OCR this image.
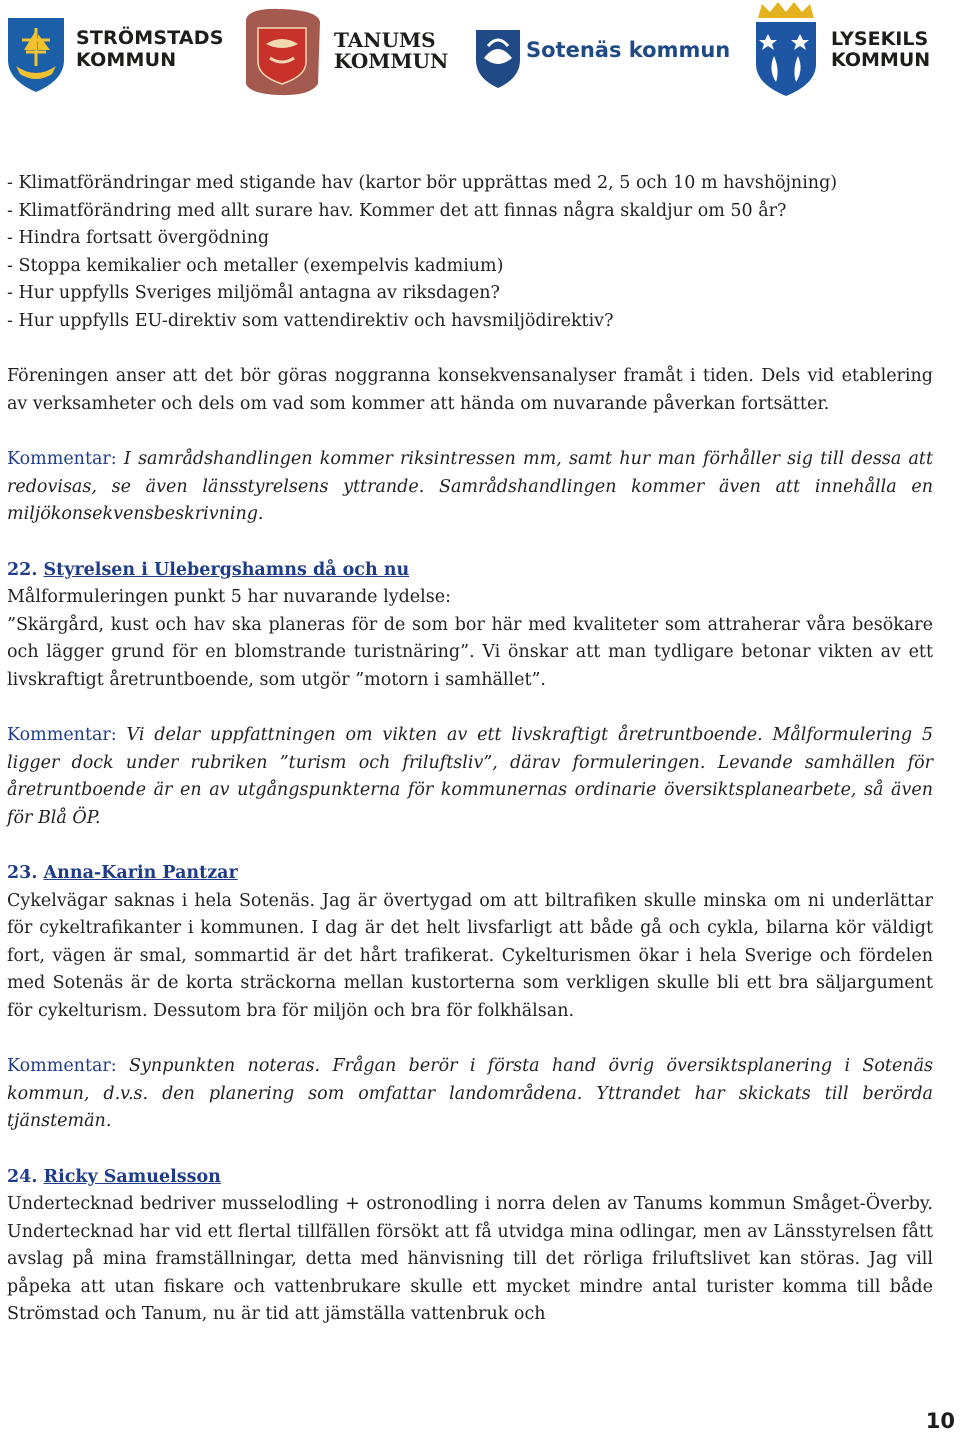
STRÖMSTADS
KOMMUN
TANUMS
KOMMUN	Sotenäs kommun	LYSEKILS
KOMMUN

- Klimatförändringar med stigande hav (kartor bör upprättas med 2, 5 och 10 m havshöjning)

- Klimatförändring med allt surare hav. Kommer det att finnas några skaldjur om 50 år?

- Hindra fortsatt övergödning

- Stoppa kemikalier och metaller (exempelvis kadmium)

- Hur uppfylls Sveriges miljömål antagna av riksdagen?

- Hur uppfylls EU-direktiv som vattendirektiv och havsmiljödirektiv?

Föreningen anser att det bör göras noggranna konsekvensanalyser framåt i tiden. Dels vid etablering av verksamheter och dels om vad som kommer att hända om nuvarande påverkan fortsätter.

Kommentar: I samrådshandlingen kommer riksintressen mm, samt hur man förhåller sig till dessa att redovisas, se även länsstyrelsens yttrande. Samrådshandlingen kommer även att innehålla en miljökonsekvensbeskrivning.

22. Styrelsen i Ulebergshamns då och nu

Målformuleringen punkt 5 har nuvarande lydelse:
”Skärgård, kust och hav ska planeras för de som bor här med kvaliteter som attraherar våra besökare och lägger grund för en blomstrande turistnäring”. Vi önskar att man tydligare betonar vikten av ett livskraftigt åretruntboende, som utgör ”motorn i samhället”.

Kommentar: Vi delar uppfattningen om vikten av ett livskraftigt åretruntboende. Målformulering 5 ligger dock under rubriken ”turism och friluftsliv”, därav formuleringen. Levande samhällen för åretruntboende är en av utgångspunkterna för kommunernas ordinarie översiktsplanearbete, så även för Blå ÖP.

23. Anna-Karin Pantzar

Cykelvägar saknas i hela Sotenäs. Jag är övertygad om att biltrafiken skulle minska om ni underlättar för cykeltrafikanter i kommunen. I dag är det helt livsfarligt att både gå och cykla, bilarna kör väldigt fort, vägen är smal, sommartid är det hårt trafikerat. Cykelturismen ökar i hela Sverige och fördelen med Sotenäs är de korta sträckorna mellan kustorterna som verkligen skulle bli ett bra säljargument för cykelturism. Dessutom bra för miljön och bra för folkhälsan.

Kommentar: Synpunkten noteras. Frågan berör i första hand övrig översiktsplanering i Sotenäs kommun, d.v.s. den planering som omfattar landområdena. Yttrandet har skickats till berörda tjänstemän.

24. Ricky Samuelsson

Undertecknad bedriver musselodling + ostronodling i norra delen av Tanums kommun Småget-Överby. Undertecknad har vid ett flertal tillfällen försökt att få utvidga mina odlingar, men av Länsstyrelsen fått avslag på mina framställningar, detta med hänvisning till det rörliga friluftslivet kan störas. Jag vill påpeka att utan fiskare och vattenbrukare skulle ett mycket mindre antal turister komma till både Strömstad och Tanum, nu är tid att jämställa vattenbruk och

10
